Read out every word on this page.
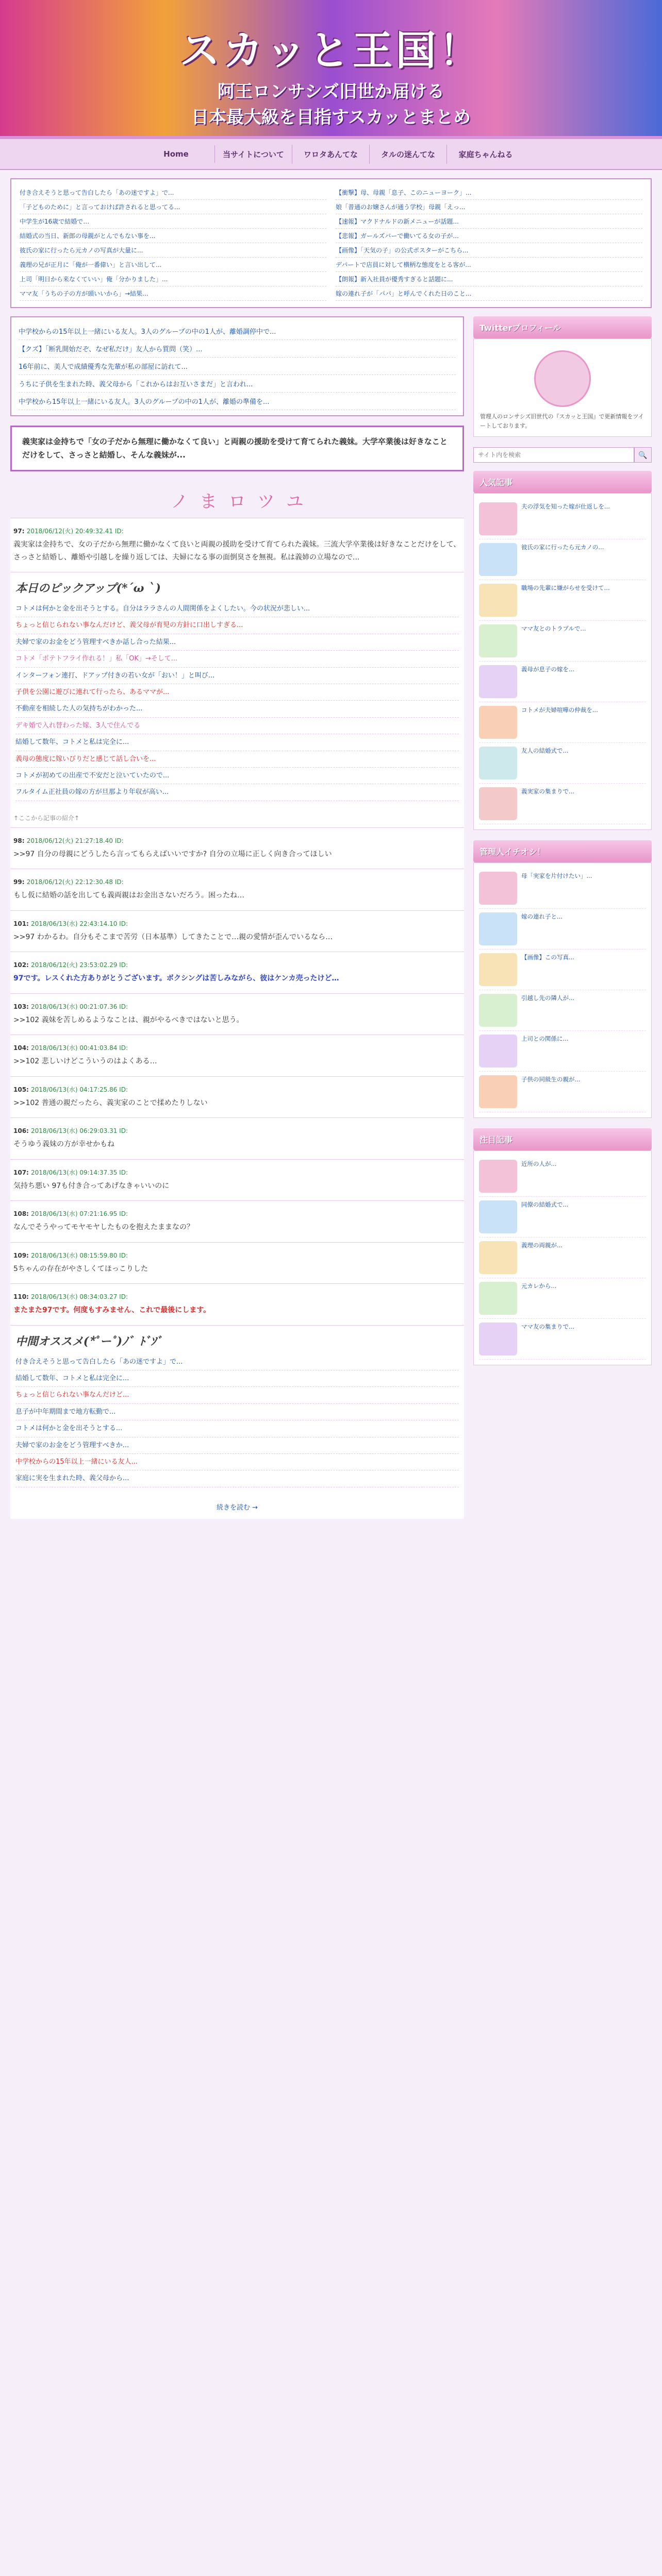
スカッと王国！
阿王ロンサシズ旧世か届ける
日本最大級を目指すスカッとまとめ
Home	当サイトについて	ワロタあんてな	タルの迷んてな	家庭ちゃんねる
付き合えそうと思って告白したら「あの迷ですよ」で...	【衝撃】母、母親「息子、このニューヨーク」...
「子どものために」と言っておけば許されると思ってる...	娘「普通のお嬢さんが通う学校」母親「えっ...
中学生が16歳で結婚で…	【速報】マクドナルドの新メニューが話題...
結婚式の当日、新郎の母親がとんでもない事を...	【悲報】ガールズバーで働いてる女の子が...
彼氏の家に行ったら元カノの写真が大量に...	【画像】「天気の子」の公式ポスターがこちら...
義理の兄が正月に「俺が一番偉い」と言い出して...	デパートで店員に対して横柄な態度をとる客が...
上司「明日から来なくていい」俺「分かりました」...	【朗報】新入社員が優秀すぎると話題に...
ママ友「うちの子の方が頭いいから」→結果...	嫁の連れ子が「パパ」と呼んでくれた日のこと...
中学校からの15年以上一緒にいる友人。3人のグループの中の1人が、離婚調停中で...
【クズ】「断乳開始だぞ、なぜ私だけ」友人から質問（笑）...
16年前に、美人で成績優秀な先輩が私の部屋に訪れて...
うちに子供を生まれた時、義父母から「これからはお互いさまだ」と言われ...
中学校から15年以上一緒にいる友人。3人のグループの中の1人が、離婚の準備を...
義実家は金持ちで「女の子だから無理に働かなくて良い」と両親の援助を受けて育てられた義妹。大学卒業後は好きなことだけをして、さっさと結婚し、そんな義妹が...
ノ ま ロ ツ ユ
97: 2018/06/12(火) 20:49:32.41 ID:
義実家は金持ちで、女の子だから無理に働かなくて良いと両親の援助を受けて育てられた義妹。三流大学卒業後は好きなことだけをして、さっさと結婚し、離婚や引越しを繰り返しては、夫婦になる事の面倒臭さを無視。私は義姉の立場なので...
本日のピックアップ(*´ω｀)
コトメは何かと金を出そうとする。自分はララさんの人間関係をよくしたい。今の状況が悲しい...
ちょっと信じられない事なんだけど、義父母が育児の方針に口出しすぎる...
夫婦で家のお金をどう管理すべきか話し合った結果...
コトメ「ポテトフライ作れる！」私「OK」→そして...
インターフォン連打、ドアップ付きの若い女が「おい！」と叫び...
子供を公園に遊びに連れて行ったら、あるママが...
不動産を相続した人の気持ちがわかった...
デキ婚で入れ替わった嫁、3人で住んでる
結婚して数年、コトメと私は完全に...
義母の態度に嫁いびりだと感じて話し合いを...
コトメが初めての出産で不安だと泣いていたので...
フルタイム正社員の嫁の方が旦那より年収が高い...
↑ここから記事の紹介↑
98: 2018/06/12(火) 21:27:18.40 ID:
>>97 自分の母親にどうしたら言ってもらえばいいですか? 自分の立場に正しく向き合ってほしい
99: 2018/06/12(火) 22:12:30.48 ID:
もし仮に結婚の話を出しても義両親はお金出さないだろう。困ったね…
101: 2018/06/13(水) 22:43:14.10 ID:
>>97 わかるわ。自分もそこまで苦労（日本基準）してきたことで…親の愛情が歪んでいるなら…
102: 2018/06/12(火) 23:53:02.29 ID:
97です。レスくれた方ありがとうございます。ボクシングは苦しみながら、彼はケンカ売ったけど…
103: 2018/06/13(水) 00:21:07.36 ID:
>>102 義妹を苦しめるようなことは、親がやるべきではないと思う。
104: 2018/06/13(水) 00:41:03.84 ID:
>>102 悲しいけどこういうのはよくある…
105: 2018/06/13(水) 04:17:25.86 ID:
>>102 普通の親だったら、義実家のことで揉めたりしない
106: 2018/06/13(水) 06:29:03.31 ID:
そうゆう義妹の方が幸せかもね
107: 2018/06/13(水) 09:14:37.35 ID:
気持ち悪い 97も付き合ってあげなきゃいいのに
108: 2018/06/13(水) 07:21:16.95 ID:
なんでそうやってモヤモヤしたものを抱えたままなの？
109: 2018/06/13(水) 08:15:59.80 ID:
5ちゃんの存在がやさしくてほっこりした
110: 2018/06/13(水) 08:34:03.27 ID:
またまた97です。何度もすみません、これで最後にします。
中間オススメ(*ﾟーﾟ)ﾉ゛ﾄﾞｿﾞ
付き合えそうと思って告白したら「あの迷ですよ」で...
結婚して数年、コトメと私は完全に...
ちょっと信じられない事なんだけど...
息子が中年期間まで地方転勤で...
コトメは何かと金を出そうとする...
夫婦で家のお金をどう管理すべきか...
中学校からの15年以上一緒にいる友人...
家庭に実を生まれた時、義父母から...
続きを読む →
Twitterプロフィール
管理人のロンサシズ旧世代の『スカッと王国』で更新情報をツイートしております。
サイト内を検索
🔍
人気記事
夫の浮気を知った嫁が仕返しを...
彼氏の家に行ったら元カノの...
職場の先輩に嫌がらせを受けて...
ママ友とのトラブルで...
義母が息子の嫁を...
コトメが夫婦喧嘩の仲裁を...
友人の結婚式で...
義実家の集まりで...
管理人イチオシ！
母「実家を片付けたい」...
嫁の連れ子と...
【画像】この写真...
引越し先の隣人が...
上司との関係に...
子供の同級生の親が...
注目記事
近所の人が...
同僚の結婚式で...
義理の両親が...
元カレから...
ママ友の集まりで...
